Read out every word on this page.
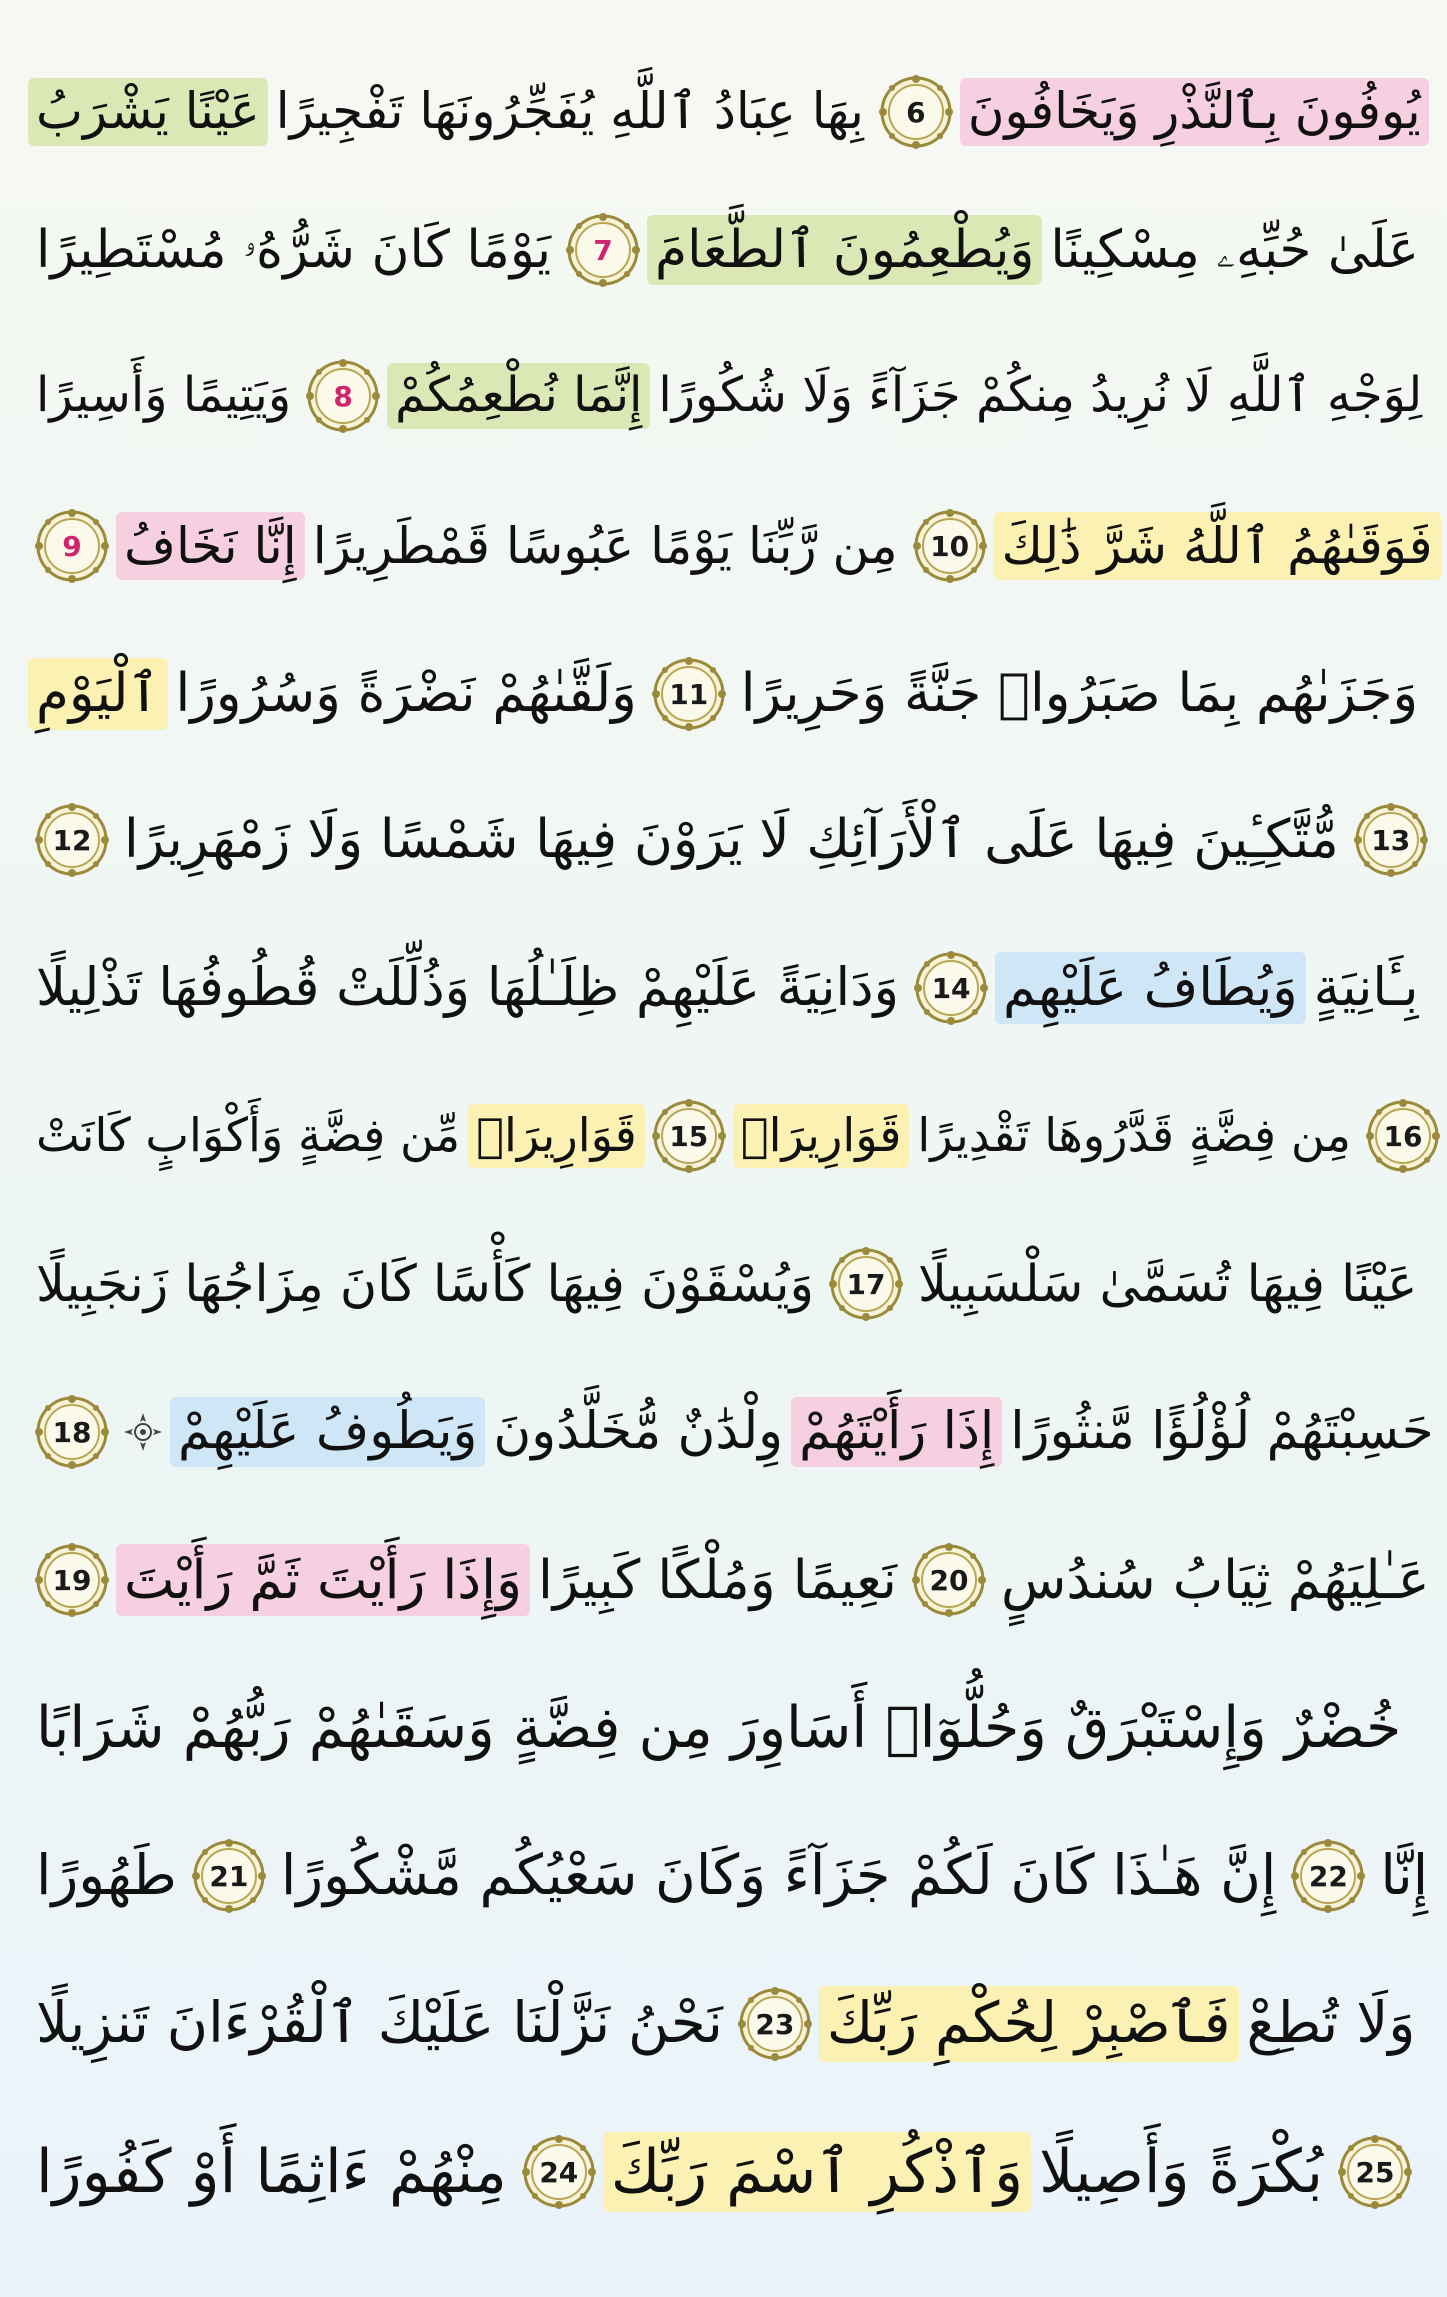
عَيْنًا يَشْرَبُ بِهَا عِبَادُ ٱللَّهِ يُفَجِّرُونَهَا تَفْجِيرًا 6 يُوفُونَ بِٱلنَّذْرِ وَيَخَافُونَ
يَوْمًا كَانَ شَرُّهُۥ مُسْتَطِيرًا 7 وَيُطْعِمُونَ ٱلطَّعَامَ عَلَىٰ حُبِّهِۦ مِسْكِينًا
وَيَتِيمًا وَأَسِيرًا 8 إِنَّمَا نُطْعِمُكُمْ لِوَجْهِ ٱللَّهِ لَا نُرِيدُ مِنكُمْ جَزَآءً وَلَا شُكُورًا
9 إِنَّا نَخَافُ مِن رَّبِّنَا يَوْمًا عَبُوسًا قَمْطَرِيرًا 10 فَوَقَىٰهُمُ ٱللَّهُ شَرَّ ذَٰلِكَ
ٱلْيَوْمِ وَلَقَّىٰهُمْ نَضْرَةً وَسُرُورًا 11 وَجَزَىٰهُم بِمَا صَبَرُوا۟ جَنَّةً وَحَرِيرًا
12 مُّتَّكِـِٔينَ فِيهَا عَلَى ٱلْأَرَآئِكِ لَا يَرَوْنَ فِيهَا شَمْسًا وَلَا زَمْهَرِيرًا 13
وَدَانِيَةً عَلَيْهِمْ ظِلَـٰلُهَا وَذُلِّلَتْ قُطُوفُهَا تَذْلِيلًا 14 وَيُطَافُ عَلَيْهِم بِـَٔانِيَةٍ
مِّن فِضَّةٍ وَأَكْوَابٍ كَانَتْ قَوَارِيرَا۠ 15 قَوَارِيرَا۟ مِن فِضَّةٍ قَدَّرُوهَا تَقْدِيرًا 16
وَيُسْقَوْنَ فِيهَا كَأْسًا كَانَ مِزَاجُهَا زَنجَبِيلًا 17 عَيْنًا فِيهَا تُسَمَّىٰ سَلْسَبِيلًا
18 وَيَطُوفُ عَلَيْهِمْ وِلْدَٰنٌ مُّخَلَّدُونَ إِذَا رَأَيْتَهُمْ حَسِبْتَهُمْ لُؤْلُؤًا مَّنثُورًا
19 وَإِذَا رَأَيْتَ ثَمَّ رَأَيْتَ نَعِيمًا وَمُلْكًا كَبِيرًا 20 عَـٰلِيَهُمْ ثِيَابُ سُندُسٍ
خُضْرٌ وَإِسْتَبْرَقٌ وَحُلُّوٓا۟ أَسَاوِرَ مِن فِضَّةٍ وَسَقَىٰهُمْ رَبُّهُمْ شَرَابًا
طَهُورًا 21 إِنَّ هَـٰذَا كَانَ لَكُمْ جَزَآءً وَكَانَ سَعْيُكُم مَّشْكُورًا 22 إِنَّا
نَحْنُ نَزَّلْنَا عَلَيْكَ ٱلْقُرْءَانَ تَنزِيلًا 23 فَٱصْبِرْ لِحُكْمِ رَبِّكَ وَلَا تُطِعْ
مِنْهُمْ ءَاثِمًا أَوْ كَفُورًا 24 وَٱذْكُرِ ٱسْمَ رَبِّكَ بُكْرَةً وَأَصِيلًا 25
